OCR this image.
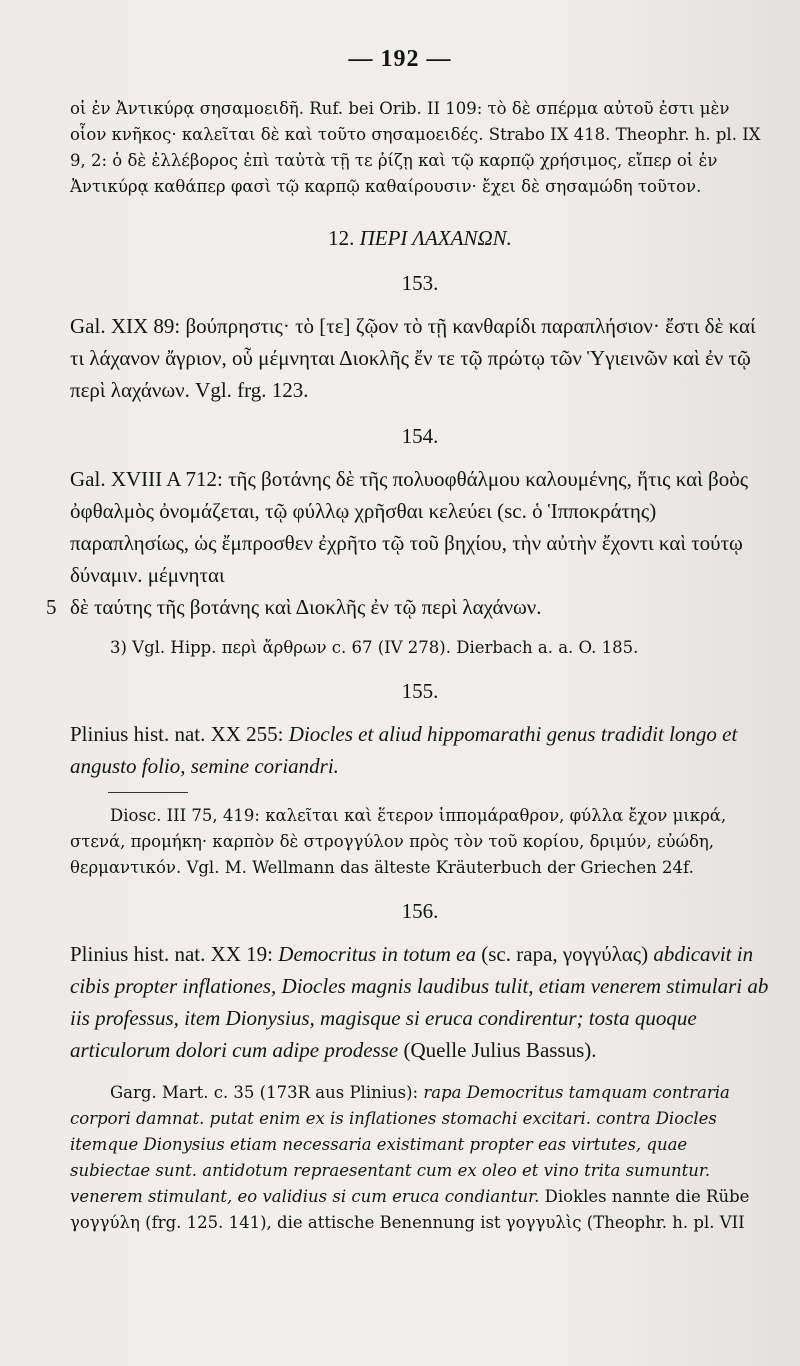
— 192 —

οἱ ἐν Ἀντικύρᾳ σησαμοειδῆ. Ruf. bei Orib. II 109: τὸ δὲ σπέρμα αὐτοῦ ἐστι μὲν οἷον κνῆκος· καλεῖται δὲ καὶ τοῦτο σησαμοειδές. Strabo IX 418. Theophr. h. pl. IX 9, 2: ὁ δὲ ἐλλέβορος ἐπὶ ταὐτὰ τῇ τε ῥίζῃ καὶ τῷ καρπῷ χρήσιμος, εἴπερ οἱ ἐν Ἀντικύρᾳ καθάπερ φασὶ τῷ καρπῷ καθαίρουσιν· ἔχει δὲ σησαμώδη τοῦτον.

12. ΠΕΡΙ ΛΑΧΑΝΩΝ.
153.

Gal. XIX 89: βούπρηστις· τὸ [τε] ζῷον τὸ τῇ κανθαρίδι παραπλήσιον· ἔστι δὲ καί τι λάχανον ἄγριον, οὗ μέμνηται Διοκλῆς ἔν τε τῷ πρώτῳ τῶν Ὑγιεινῶν καὶ ἐν τῷ περὶ λαχάνων. Vgl. frg. 123.

154.

Gal. XVIII A 712: τῆς βοτάνης δὲ τῆς πολυοφθάλμου καλουμένης, ἥτις καὶ βοὸς ὀφθαλμὸς ὀνομάζεται, τῷ φύλλῳ χρῆσθαι κελεύει (sc. ὁ Ἱπποκράτης) παραπλησίως, ὡς ἔμπροσθεν ἐχρῆτο τῷ τοῦ βηχίου, τὴν αὐτὴν ἔχοντι καὶ τούτῳ δύναμιν. μέμνηται

5 δὲ ταύτης τῆς βοτάνης καὶ Διοκλῆς ἐν τῷ περὶ λαχάνων.

3) Vgl. Hipp. περὶ ἄρθρων c. 67 (IV 278). Dierbach a. a. O. 185.

155.

Plinius hist. nat. XX 255: Diocles et aliud hippomarathi genus tradidit longo et angusto folio, semine coriandri.

Diosc. III 75, 419: καλεῖται καὶ ἕτερον ἱππομάραθρον, φύλλα ἔχον μικρά, στενά, προμήκη· καρπὸν δὲ στρογγύλον πρὸς τὸν τοῦ κορίου, δριμύν, εὐώδη, θερμαντικόν. Vgl. M. Wellmann das älteste Kräuterbuch der Griechen 24f.

156.

Plinius hist. nat. XX 19: Democritus in totum ea (sc. rapa, γογγύλας) abdicavit in cibis propter inflationes, Diocles magnis laudibus tulit, etiam venerem stimulari ab iis professus, item Dionysius, magisque si eruca condirentur; tosta quoque articulorum dolori cum adipe prodesse (Quelle Julius Bassus).

Garg. Mart. c. 35 (173R aus Plinius): rapa Democritus tamquam contraria corpori damnat. putat enim ex is inflationes stomachi excitari. contra Diocles itemque Dionysius etiam necessaria existimant propter eas virtutes, quae subiectae sunt. antidotum repraesentant cum ex oleo et vino trita sumuntur. venerem stimulant, eo validius si cum eruca condiantur. Diokles nannte die Rübe γογγύλη (frg. 125. 141), die attische Benennung ist γογγυλὶς (Theophr. h. pl. VII
